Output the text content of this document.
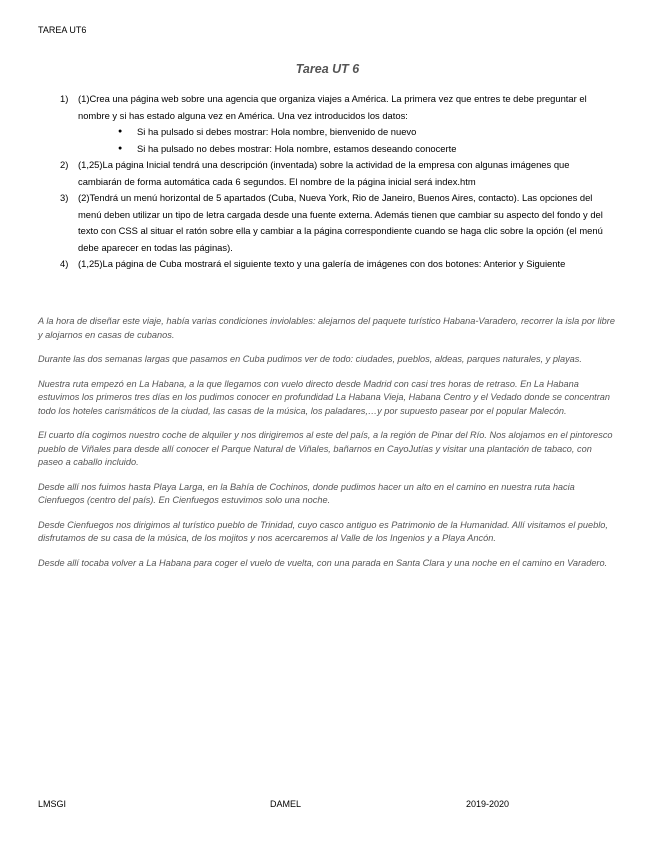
TAREA UT6
Tarea UT 6
1)	(1)Crea una página web sobre una agencia que organiza viajes a América. La primera vez que entres te debe preguntar el nombre y si has estado alguna vez en América. Una vez introducidos los datos:
● Si ha pulsado si debes mostrar: Hola nombre, bienvenido de nuevo
● Si ha pulsado no debes mostrar: Hola nombre, estamos deseando conocerte
2)	(1,25)La página Inicial tendrá una descripción (inventada) sobre la actividad de la empresa con algunas imágenes que cambiarán de forma automática cada 6 segundos. El nombre de la página inicial será index.htm
3)	(2)Tendrá un menú horizontal de 5 apartados (Cuba, Nueva York, Rio de Janeiro, Buenos Aires, contacto). Las opciones del menú deben utilizar un tipo de letra cargada desde una fuente externa. Además tienen que cambiar su aspecto del fondo y del texto con CSS al situar el ratón sobre ella y cambiar a la página correspondiente cuando se haga clic sobre la opción (el menú debe aparecer en todas las páginas).
4)	(1,25)La página de Cuba mostrará el siguiente texto y una galería de imágenes con dos botones: Anterior y Siguiente

A la hora de diseñar este viaje, había varias condiciones inviolables: alejarnos del paquete turístico Habana-Varadero, recorrer la isla por libre y alojarnos en casas de cubanos.

Durante las dos semanas largas que pasamos en Cuba pudimos ver de todo: ciudades, pueblos, aldeas, parques naturales, y playas.

Nuestra ruta empezó en La Habana, a la que llegamos con vuelo directo desde Madrid con casi tres horas de retraso. En La Habana estuvimos los primeros tres días en los pudimos conocer en profundidad La Habana Vieja, Habana Centro y el Vedado donde se concentran todo los hoteles carismáticos de la ciudad, las casas de la música, los paladares,…y por supuesto pasear por el popular Malecón.

El cuarto día cogimos nuestro coche de alquiler y nos dirigiremos al este del país, a la región de Pinar del Río. Nos alojamos en el pintoresco pueblo de Viñales para desde allí conocer el Parque Natural de Viñales, bañarnos en CayoJutías y visitar una plantación de tabaco, con paseo a caballo incluido.

Desde allí nos fuimos hasta Playa Larga, en la Bahía de Cochinos, donde pudimos hacer un alto en el camino en nuestra ruta hacia Cienfuegos (centro del país). En Cienfuegos estuvimos solo una noche.

Desde Cienfuegos nos dirigimos al turístico pueblo de Trinidad, cuyo casco antiguo es Patrimonio de la Humanidad. Allí visitamos el pueblo, disfrutamos de su casa de la música, de los mojitos y nos acercaremos al Valle de los Ingenios y a Playa Ancón.

Desde allí tocaba volver a La Habana para coger el vuelo de vuelta, con una parada en Santa Clara y una noche en el camino en Varadero.

LMSGI	DAMEL	2019-2020
